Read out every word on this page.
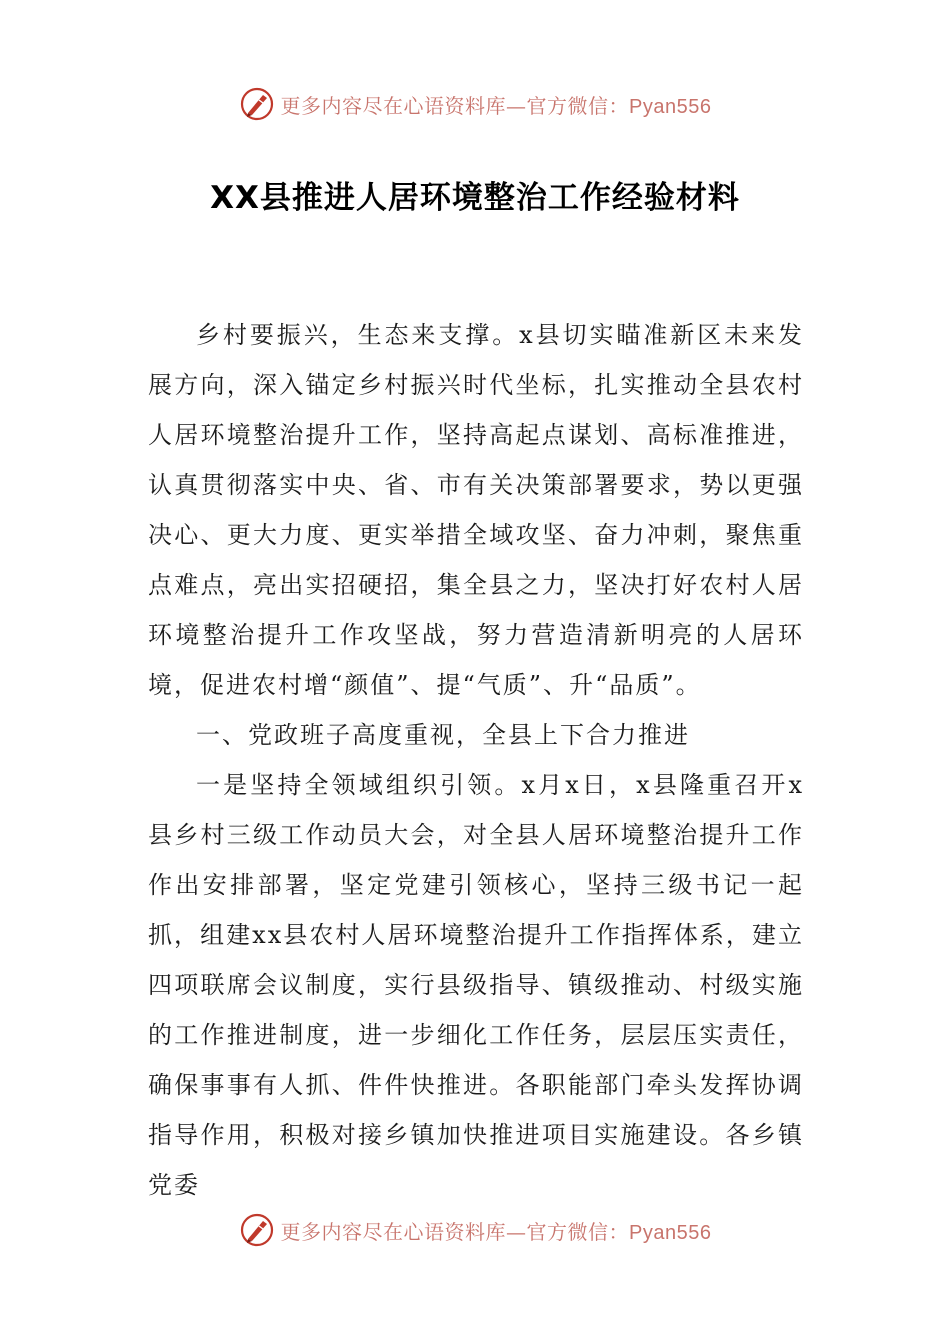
更多内容尽在心语资料库—官方微信：Pyan556
XX县推进人居环境整治工作经验材料

乡村要振兴，生态来支撑。x县切实瞄准新区未来发展方向，深入锚定乡村振兴时代坐标，扎实推动全县农村人居环境整治提升工作，坚持高起点谋划、高标准推进，认真贯彻落实中央、省、市有关决策部署要求，势以更强决心、更大力度、更实举措全域攻坚、奋力冲刺，聚焦重点难点，亮出实招硬招，集全县之力，坚决打好农村人居环境整治提升工作攻坚战，努力营造清新明亮的人居环境，促进农村增“颜值”、提“气质”、升“品质”。

一、党政班子高度重视，全县上下合力推进

一是坚持全领域组织引领。x月x日，x县隆重召开x县乡村三级工作动员大会，对全县人居环境整治提升工作作出安排部署，坚定党建引领核心，坚持三级书记一起抓，组建xx县农村人居环境整治提升工作指挥体系，建立四项联席会议制度，实行县级指导、镇级推动、村级实施的工作推进制度，进一步细化工作任务，层层压实责任，确保事事有人抓、件件快推进。各职能部门牵头发挥协调指导作用，积极对接乡镇加快推进项目实施建设。各乡镇党委

更多内容尽在心语资料库—官方微信：Pyan556
